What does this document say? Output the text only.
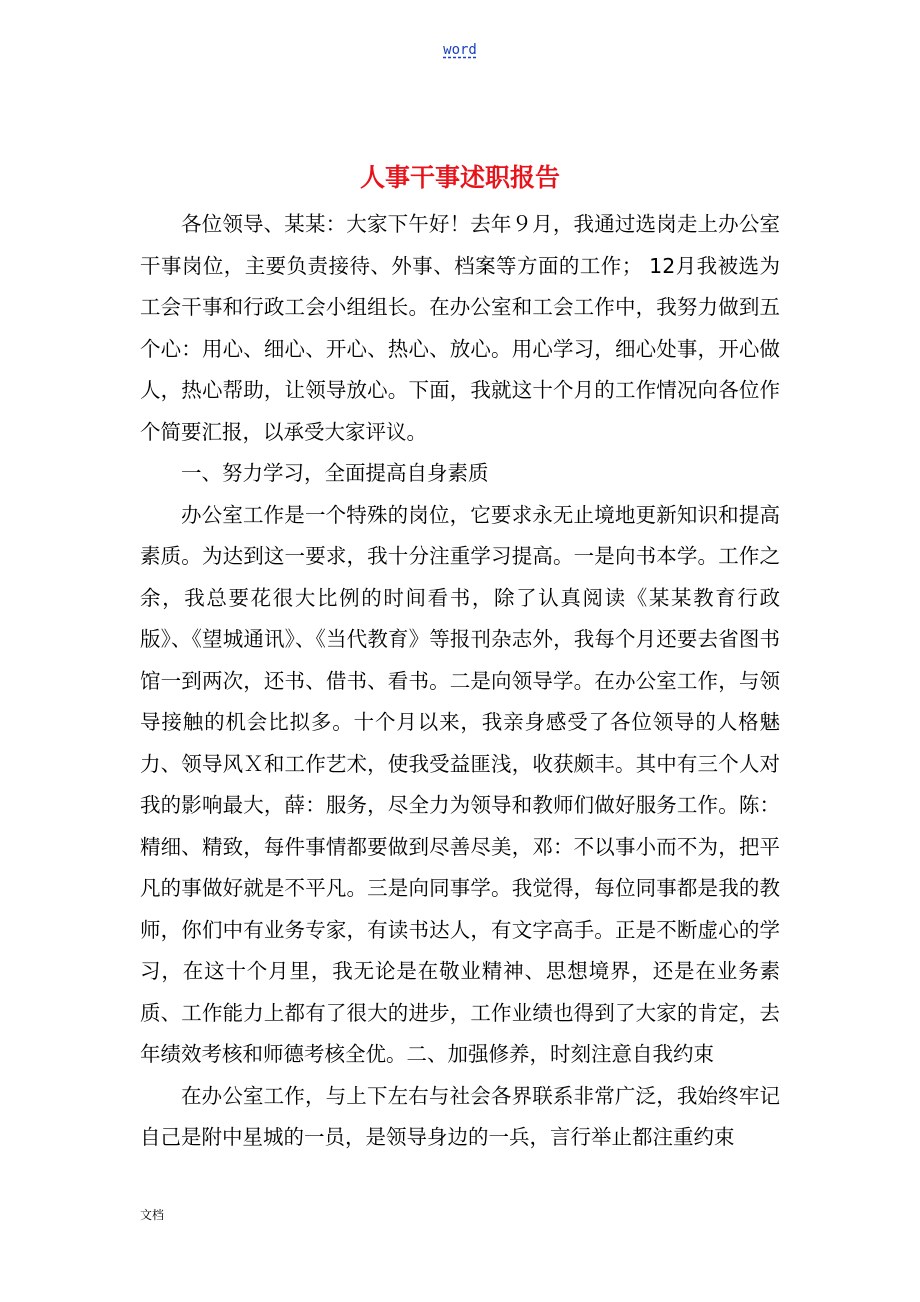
word
人事干事述职报告

各位领导、某某：大家下午好！去年９月，我通过选岗走上办公室干事岗位，主要负责接待、外事、档案等方面的工作； 12月我被选为工会干事和行政工会小组组长。在办公室和工会工作中，我努力做到五个心：用心、细心、开心、热心、放心。用心学习，细心处事，开心做人，热心帮助，让领导放心。下面，我就这十个月的工作情况向各位作个简要汇报，以承受大家评议。

一、努力学习，全面提高自身素质

办公室工作是一个特殊的岗位，它要求永无止境地更新知识和提高素质。为达到这一要求，我十分注重学习提高。一是向书本学。工作之余，我总要花很大比例的时间看书，除了认真阅读《某某教育行政版》、《望城通讯》、《当代教育》等报刊杂志外，我每个月还要去省图书馆一到两次，还书、借书、看书。二是向领导学。在办公室工作，与领导接触的机会比拟多。十个月以来，我亲身感受了各位领导的人格魅力、领导风Ｘ和工作艺术，使我受益匪浅，收获颇丰。其中有三个人对我的影响最大，薛：服务，尽全力为领导和教师们做好服务工作。陈：精细、精致，每件事情都要做到尽善尽美，邓：不以事小而不为，把平凡的事做好就是不平凡。三是向同事学。我觉得，每位同事都是我的教师，你们中有业务专家，有读书达人，有文字高手。正是不断虚心的学习，在这十个月里，我无论是在敬业精神、思想境界，还是在业务素质、工作能力上都有了很大的进步，工作业绩也得到了大家的肯定，去年绩效考核和师德考核全优。二、加强修养，时刻注意自我约束

在办公室工作，与上下左右与社会各界联系非常广泛，我始终牢记自己是附中星城的一员，是领导身边的一兵，言行举止都注重约束

文档
